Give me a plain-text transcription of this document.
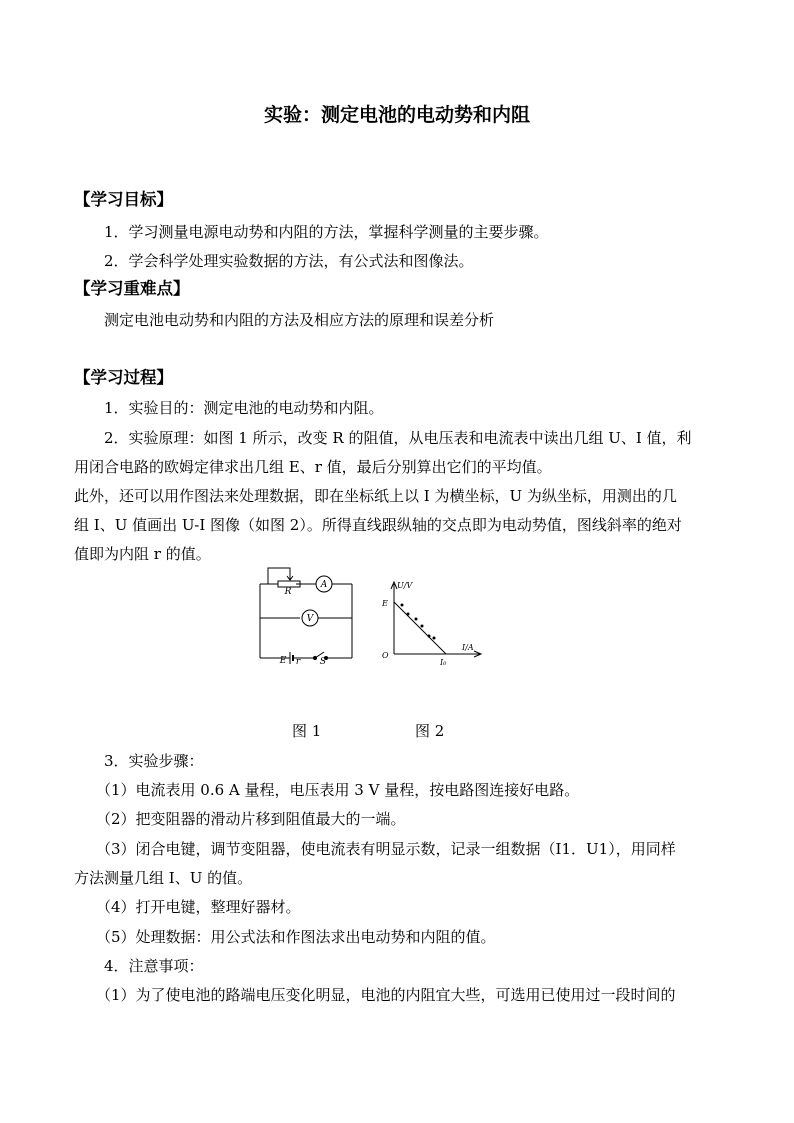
实验：测定电池的电动势和内阻
【学习目标】
1．学习测量电源电动势和内阻的方法，掌握科学测量的主要步骤。
2．学会科学处理实验数据的方法，有公式法和图像法。
【学习重难点】
测定电池电动势和内阻的方法及相应方法的原理和误差分析
【学习过程】
1．实验目的：测定电池的电动势和内阻。
2．实验原理：如图 1 所示，改变 R 的阻值，从电压表和电流表中读出几组 U、I 值，利
用闭合电路的欧姆定律求出几组 E、r 值，最后分别算出它们的平均值。
此外，还可以用作图法来处理数据，即在坐标纸上以 I 为横坐标，U 为纵坐标，用测出的几
组 I、U 值画出 U-I 图像（如图 2）。所得直线跟纵轴的交点即为电动势值，图线斜率的绝对
值即为内阻 r 的值。
R
A
V
E r S
U/V
I/A
E
O
I₀
图 1	图 2
3．实验步骤：
（1）电流表用 0.6 A 量程，电压表用 3 V 量程，按电路图连接好电路。
（2）把变阻器的滑动片移到阻值最大的一端。
（3）闭合电键，调节变阻器，使电流表有明显示数，记录一组数据（I1．U1），用同样
方法测量几组 I、U 的值。
（4）打开电键，整理好器材。
（5）处理数据：用公式法和作图法求出电动势和内阻的值。
4．注意事项：
（1）为了使电池的路端电压变化明显，电池的内阻宜大些，可选用已使用过一段时间的
